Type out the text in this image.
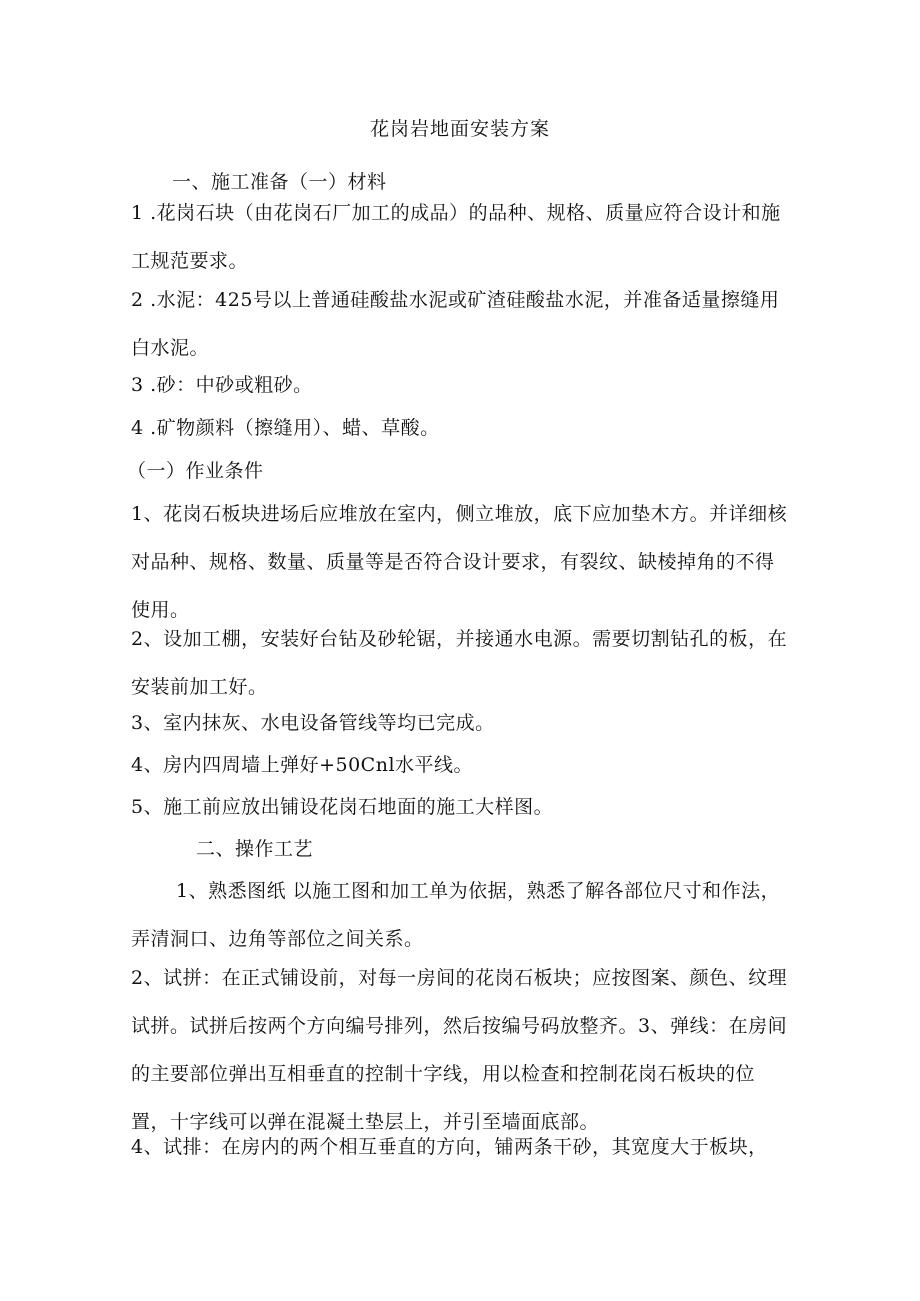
花岗岩地面安装方案

一、施工准备（一）材料

1 .花岗石块（由花岗石厂加工的成品）的品种、规格、质量应符合设计和施工规范要求。

2 .水泥：425号以上普通硅酸盐水泥或矿渣硅酸盐水泥，并准备适量擦缝用白水泥。

3 .砂：中砂或粗砂。

4 .矿物颜料（擦缝用）、蜡、草酸。

（一）作业条件

1、花岗石板块进场后应堆放在室内，侧立堆放，底下应加垫木方。并详细核对品种、规格、数量、质量等是否符合设计要求，有裂纹、缺棱掉角的不得使用。

2、设加工棚，安装好台钻及砂轮锯，并接通水电源。需要切割钻孔的板，在安装前加工好。

3、室内抹灰、水电设备管线等均已完成。

4、房内四周墙上弹好+50Cnl水平线。

5、施工前应放出铺设花岗石地面的施工大样图。

二、操作工艺

1、熟悉图纸 以施工图和加工单为依据，熟悉了解各部位尺寸和作法，弄清洞口、边角等部位之间关系。

2、试拼：在正式铺设前，对每一房间的花岗石板块；应按图案、颜色、纹理试拼。试拼后按两个方向编号排列，然后按编号码放整齐。3、弹线：在房间的主要部位弹出互相垂直的控制十字线，用以检查和控制花岗石板块的位置，十字线可以弹在混凝土垫层上，并引至墙面底部。

4、试排：在房内的两个相互垂直的方向，铺两条干砂，其宽度大于板块，
